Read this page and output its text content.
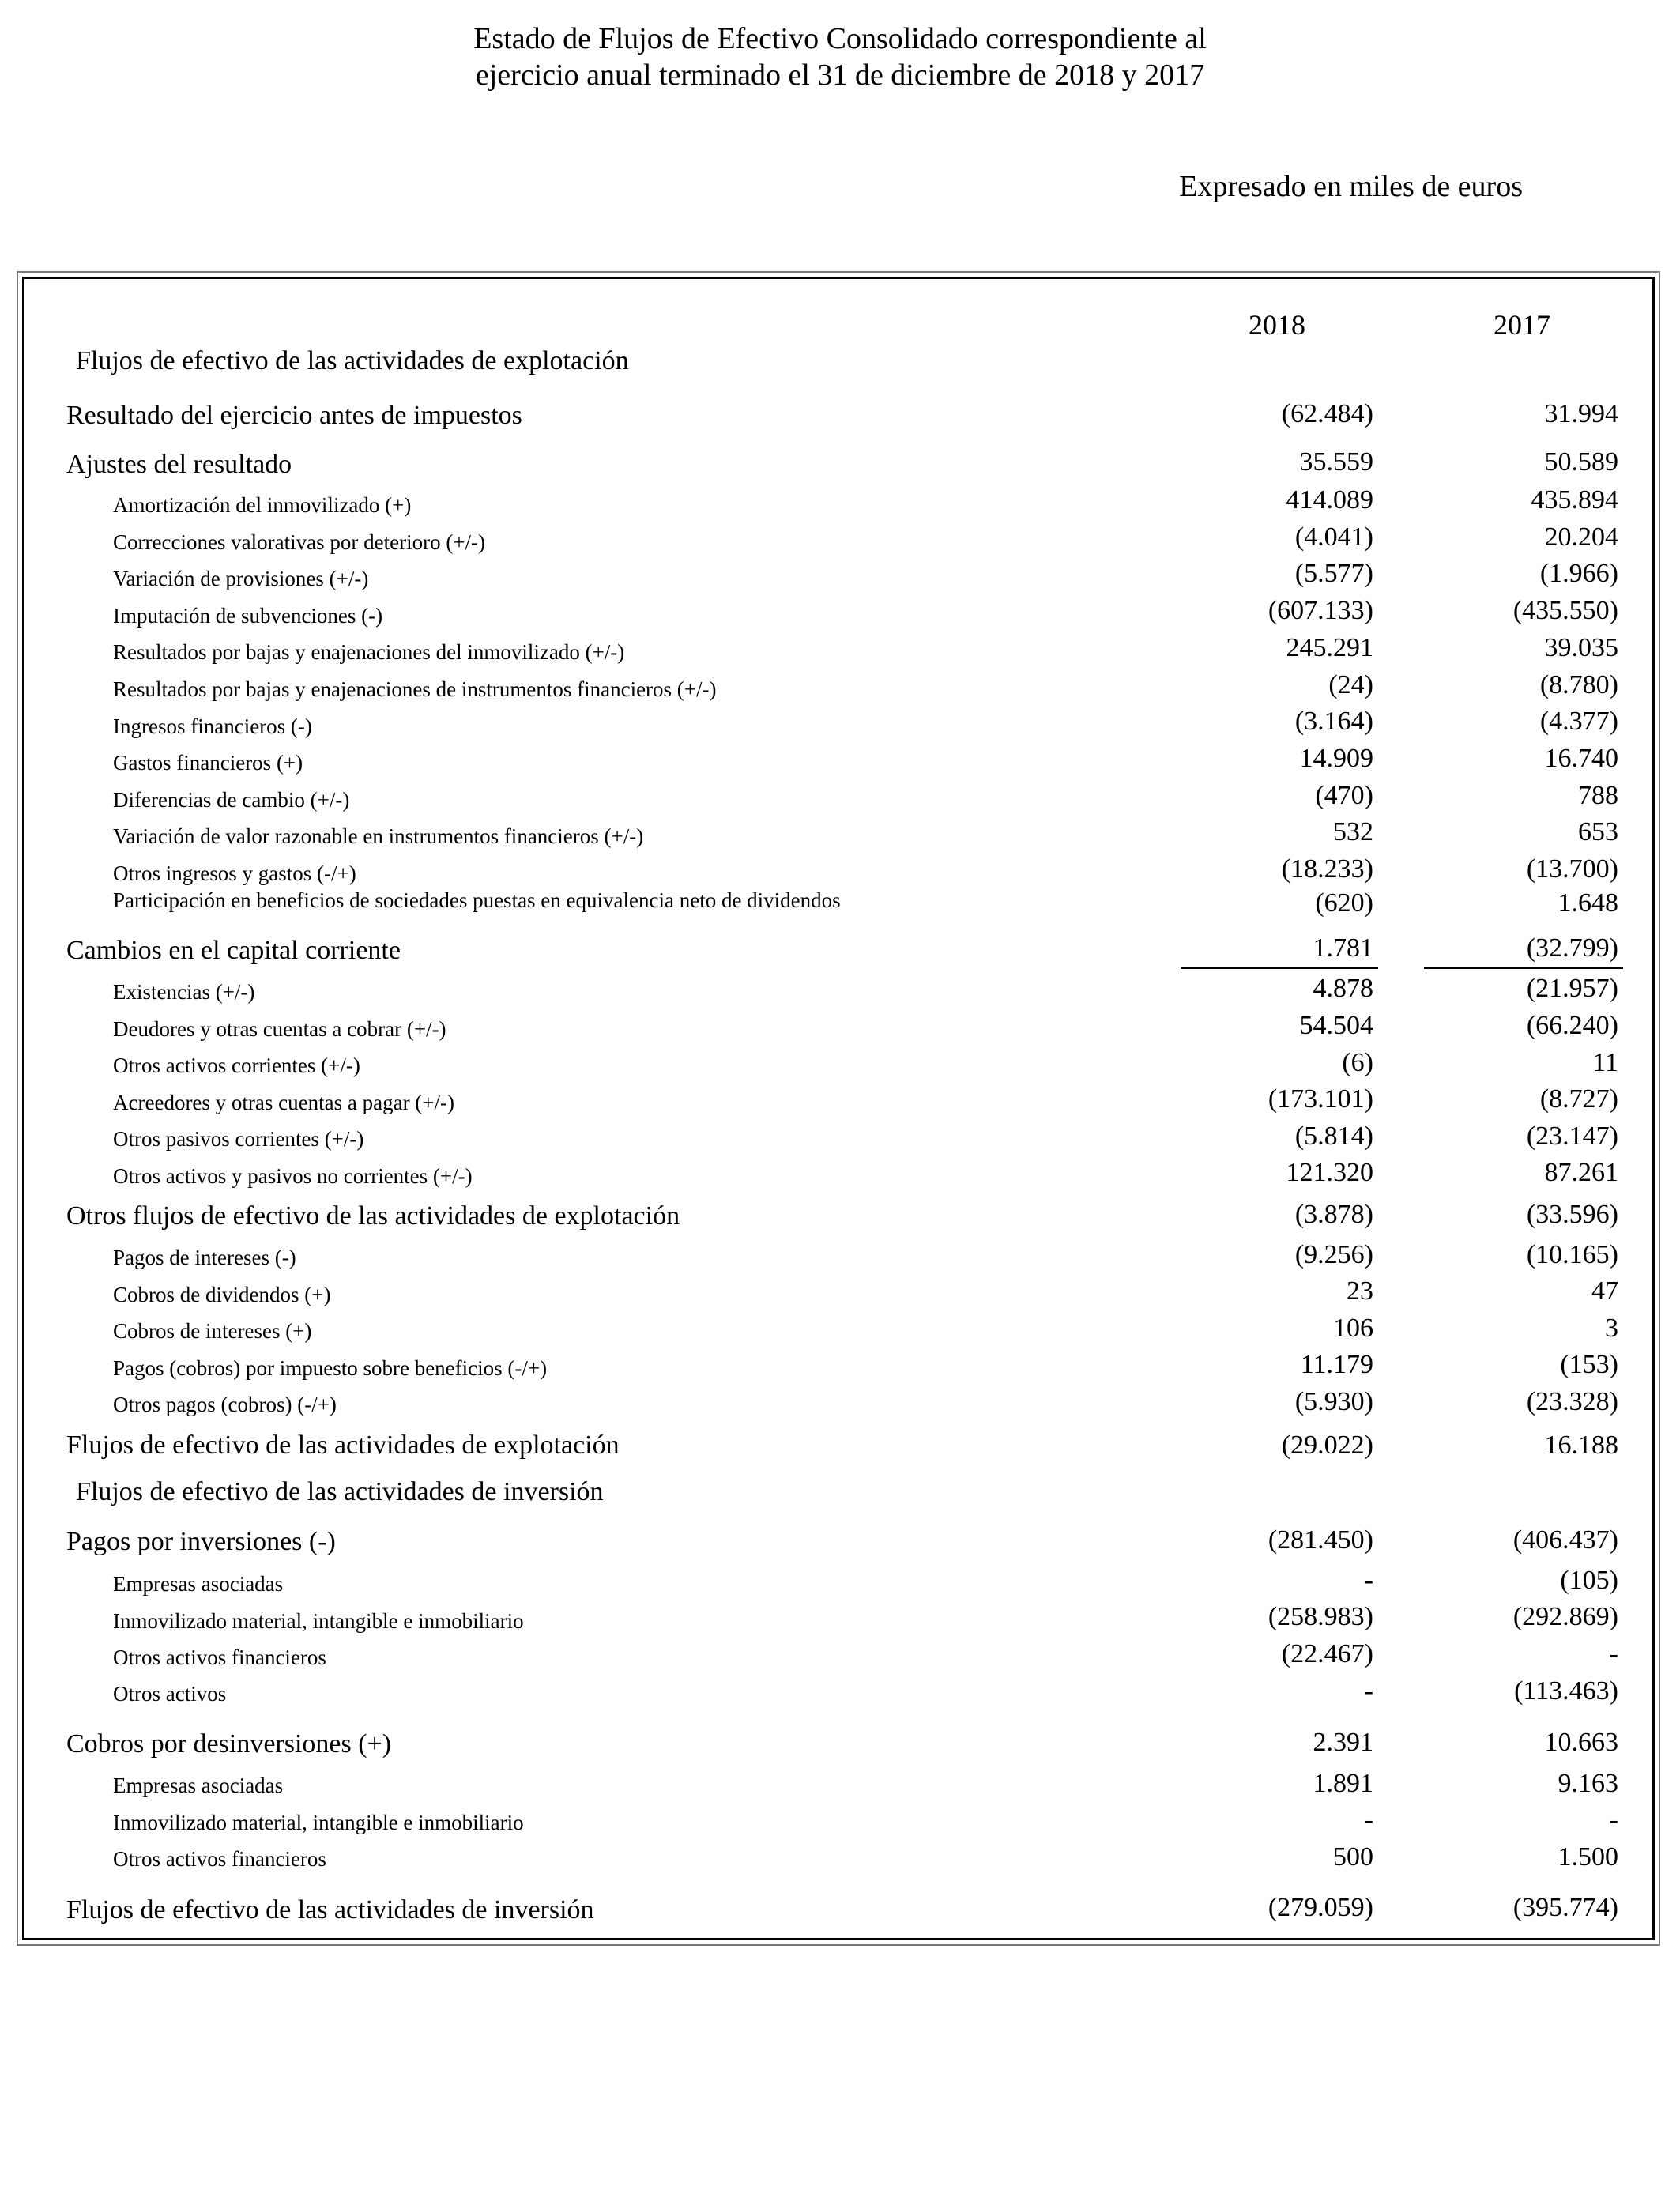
Estado de Flujos de Efectivo Consolidado correspondiente al
ejercicio anual terminado el 31 de diciembre de 2018 y 2017
Expresado en miles de euros
2018	2017
Flujos de efectivo de las actividades de explotación
Resultado del ejercicio antes de impuestos	(62.484)	31.994
Ajustes del resultado	35.559	50.589
Amortización del inmovilizado (+)	414.089	435.894
Correcciones valorativas por deterioro (+/-)	(4.041)	20.204
Variación de provisiones (+/-)	(5.577)	(1.966)
Imputación de subvenciones (-)	(607.133)	(435.550)
Resultados por bajas y enajenaciones del inmovilizado (+/-)	245.291	39.035
Resultados por bajas y enajenaciones de instrumentos financieros (+/-)	(24)	(8.780)
Ingresos financieros (-)	(3.164)	(4.377)
Gastos financieros (+)	14.909	16.740
Diferencias de cambio (+/-)	(470)	788
Variación de valor razonable en instrumentos financieros (+/-)	532	653
Otros ingresos y gastos (-/+)	(18.233)	(13.700)
Participación en beneficios de sociedades puestas en equivalencia neto de dividendos	(620)	1.648
Cambios en el capital corriente	1.781	(32.799)
Existencias (+/-)	4.878	(21.957)
Deudores y otras cuentas a cobrar (+/-)	54.504	(66.240)
Otros activos corrientes (+/-)	(6)	11
Acreedores y otras cuentas a pagar (+/-)	(173.101)	(8.727)
Otros pasivos corrientes (+/-)	(5.814)	(23.147)
Otros activos y pasivos no corrientes (+/-)	121.320	87.261
Otros flujos de efectivo de las actividades de explotación	(3.878)	(33.596)
Pagos de intereses (-)	(9.256)	(10.165)
Cobros de dividendos (+)	23	47
Cobros de intereses (+)	106	3
Pagos (cobros) por impuesto sobre beneficios (-/+)	11.179	(153)
Otros pagos (cobros) (-/+)	(5.930)	(23.328)
Flujos de efectivo de las actividades de explotación	(29.022)	16.188
Flujos de efectivo de las actividades de inversión
Pagos por inversiones (-)	(281.450)	(406.437)
Empresas asociadas	-	(105)
Inmovilizado material, intangible e inmobiliario	(258.983)	(292.869)
Otros activos financieros	(22.467)	-
Otros activos	-	(113.463)
Cobros por desinversiones (+)	2.391	10.663
Empresas asociadas	1.891	9.163
Inmovilizado material, intangible e inmobiliario	-	-
Otros activos financieros	500	1.500
Flujos de efectivo de las actividades de inversión	(279.059)	(395.774)
